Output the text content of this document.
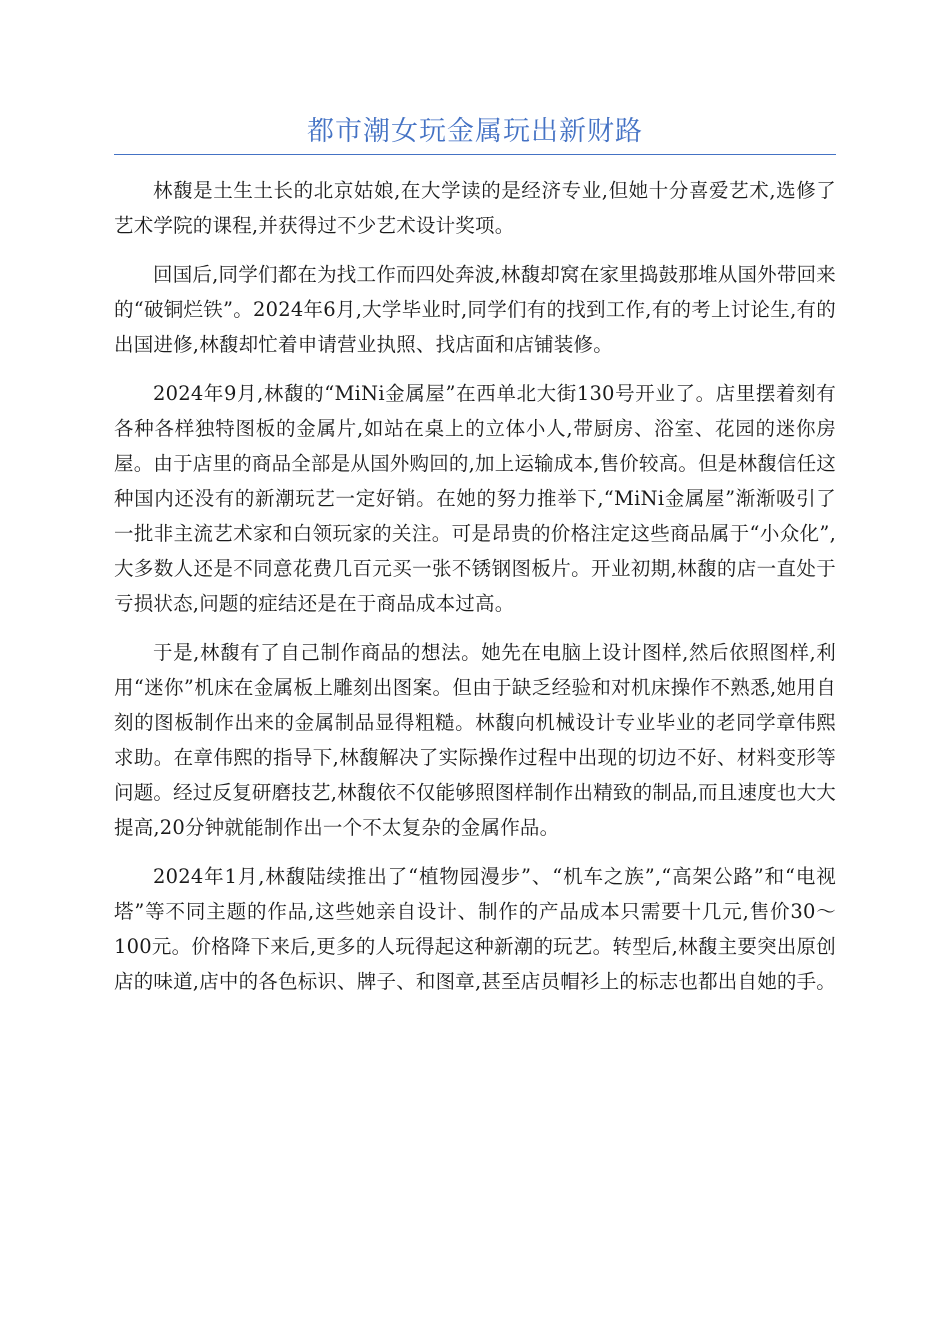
都市潮女玩金属玩出新财路

林馥是土生土长的北京姑娘,在大学读的是经济专业,但她十分喜爱艺术,选修了艺术学院的课程,并获得过不少艺术设计奖项。

回国后,同学们都在为找工作而四处奔波,林馥却窝在家里捣鼓那堆从国外带回来的“破铜烂铁”。2024年6月,大学毕业时,同学们有的找到工作,有的考上讨论生,有的出国进修,林馥却忙着申请营业执照、找店面和店铺装修。

2024年9月,林馥的“MiNi金属屋”在西单北大街130号开业了。店里摆着刻有各种各样独特图板的金属片,如站在桌上的立体小人,带厨房、浴室、花园的迷你房屋。由于店里的商品全部是从国外购回的,加上运输成本,售价较高。但是林馥信任这种国内还没有的新潮玩艺一定好销。在她的努力推举下,“MiNi金属屋”渐渐吸引了一批非主流艺术家和白领玩家的关注。可是昂贵的价格注定这些商品属于“小众化”,大多数人还是不同意花费几百元买一张不锈钢图板片。开业初期,林馥的店一直处于亏损状态,问题的症结还是在于商品成本过高。

于是,林馥有了自己制作商品的想法。她先在电脑上设计图样,然后依照图样,利用“迷你”机床在金属板上雕刻出图案。但由于缺乏经验和对机床操作不熟悉,她用自刻的图板制作出来的金属制品显得粗糙。林馥向机械设计专业毕业的老同学章伟熙求助。在章伟熙的指导下,林馥解决了实际操作过程中出现的切边不好、材料变形等问题。经过反复研磨技艺,林馥依不仅能够照图样制作出精致的制品,而且速度也大大提高,20分钟就能制作出一个不太复杂的金属作品。

2024年1月,林馥陆续推出了“植物园漫步”、“机车之族”,“高架公路”和“电视塔”等不同主题的作品,这些她亲自设计、制作的产品成本只需要十几元,售价30～100元。价格降下来后,更多的人玩得起这种新潮的玩艺。转型后,林馥主要突出原创店的味道,店中的各色标识、牌子、和图章,甚至店员帽衫上的标志也都出自她的手。
